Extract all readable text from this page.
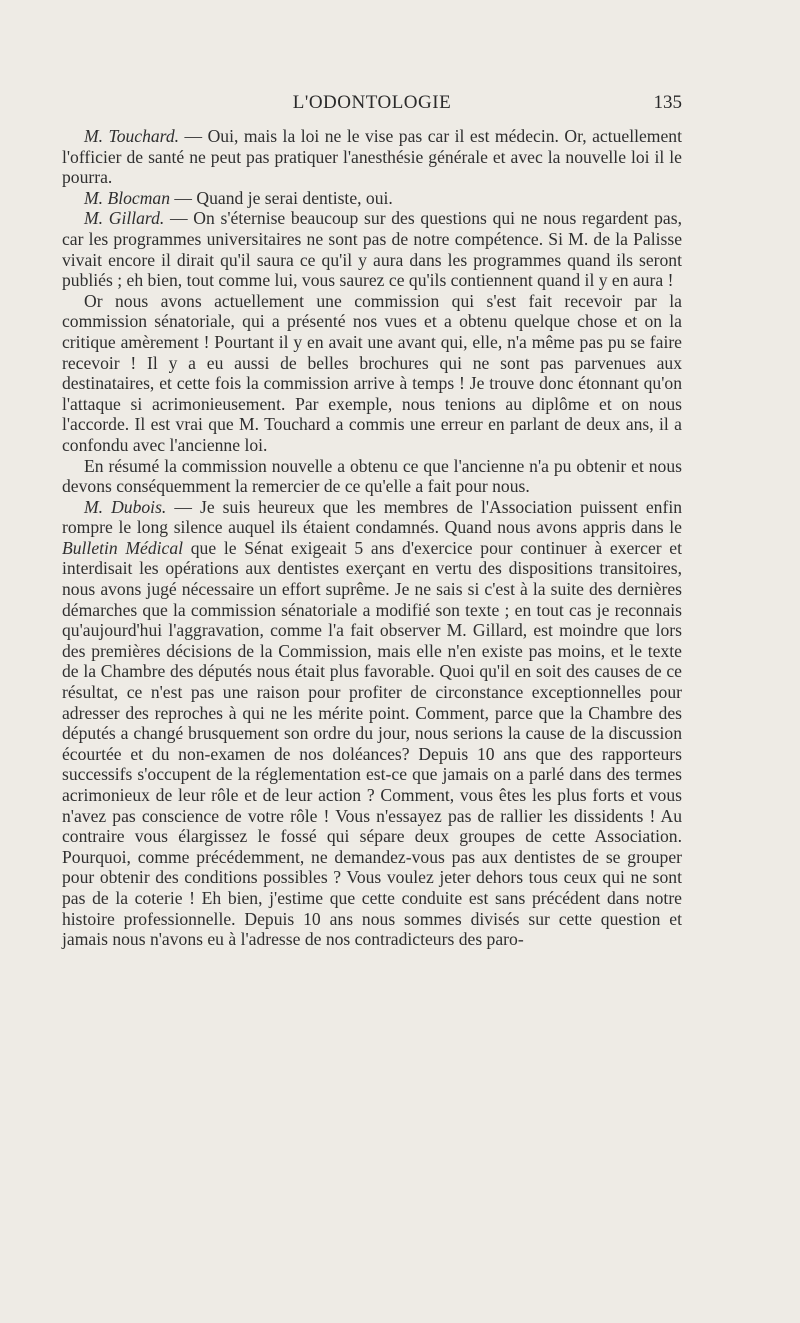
L'ODONTOLOGIE	135

M. Touchard. — Oui, mais la loi ne le vise pas car il est médecin. Or, actuellement l'officier de santé ne peut pas pratiquer l'anesthésie générale et avec la nouvelle loi il le pourra.

M. Blocman — Quand je serai dentiste, oui.

M. Gillard. — On s'éternise beaucoup sur des questions qui ne nous regardent pas, car les programmes universitaires ne sont pas de notre compétence. Si M. de la Palisse vivait encore il dirait qu'il saura ce qu'il y aura dans les programmes quand ils seront publiés ; eh bien, tout comme lui, vous saurez ce qu'ils contiennent quand il y en aura !

Or nous avons actuellement une commission qui s'est fait recevoir par la commission sénatoriale, qui a présenté nos vues et a obtenu quelque chose et on la critique amèrement ! Pourtant il y en avait une avant qui, elle, n'a même pas pu se faire recevoir ! Il y a eu aussi de belles brochures qui ne sont pas parvenues aux destinataires, et cette fois la commission arrive à temps ! Je trouve donc étonnant qu'on l'attaque si acrimonieusement. Par exemple, nous tenions au diplôme et on nous l'accorde. Il est vrai que M. Touchard a commis une erreur en parlant de deux ans, il a confondu avec l'ancienne loi.

En résumé la commission nouvelle a obtenu ce que l'ancienne n'a pu obtenir et nous devons conséquemment la remercier de ce qu'elle a fait pour nous.

M. Dubois. — Je suis heureux que les membres de l'Association puissent enfin rompre le long silence auquel ils étaient condamnés. Quand nous avons appris dans le Bulletin Médical que le Sénat exigeait 5 ans d'exercice pour continuer à exercer et interdisait les opérations aux dentistes exerçant en vertu des dispositions transitoires, nous avons jugé nécessaire un effort suprême. Je ne sais si c'est à la suite des dernières démarches que la commission sénatoriale a modifié son texte ; en tout cas je reconnais qu'aujourd'hui l'aggravation, comme l'a fait observer M. Gillard, est moindre que lors des premières décisions de la Commission, mais elle n'en existe pas moins, et le texte de la Chambre des députés nous était plus favorable. Quoi qu'il en soit des causes de ce résultat, ce n'est pas une raison pour profiter de circonstance exceptionnelles pour adresser des reproches à qui ne les mérite point. Comment, parce que la Chambre des députés a changé brusquement son ordre du jour, nous serions la cause de la discussion écourtée et du non-examen de nos doléances? Depuis 10 ans que des rapporteurs successifs s'occupent de la réglementation est-ce que jamais on a parlé dans des termes acrimonieux de leur rôle et de leur action ? Comment, vous êtes les plus forts et vous n'avez pas conscience de votre rôle ! Vous n'essayez pas de rallier les dissidents ! Au contraire vous élargissez le fossé qui sépare deux groupes de cette Association. Pourquoi, comme précédemment, ne demandez-vous pas aux dentistes de se grouper pour obtenir des conditions possibles ? Vous voulez jeter dehors tous ceux qui ne sont pas de la coterie ! Eh bien, j'estime que cette conduite est sans précédent dans notre histoire professionnelle. Depuis 10 ans nous sommes divisés sur cette question et jamais nous n'avons eu à l'adresse de nos contradicteurs des paro-
